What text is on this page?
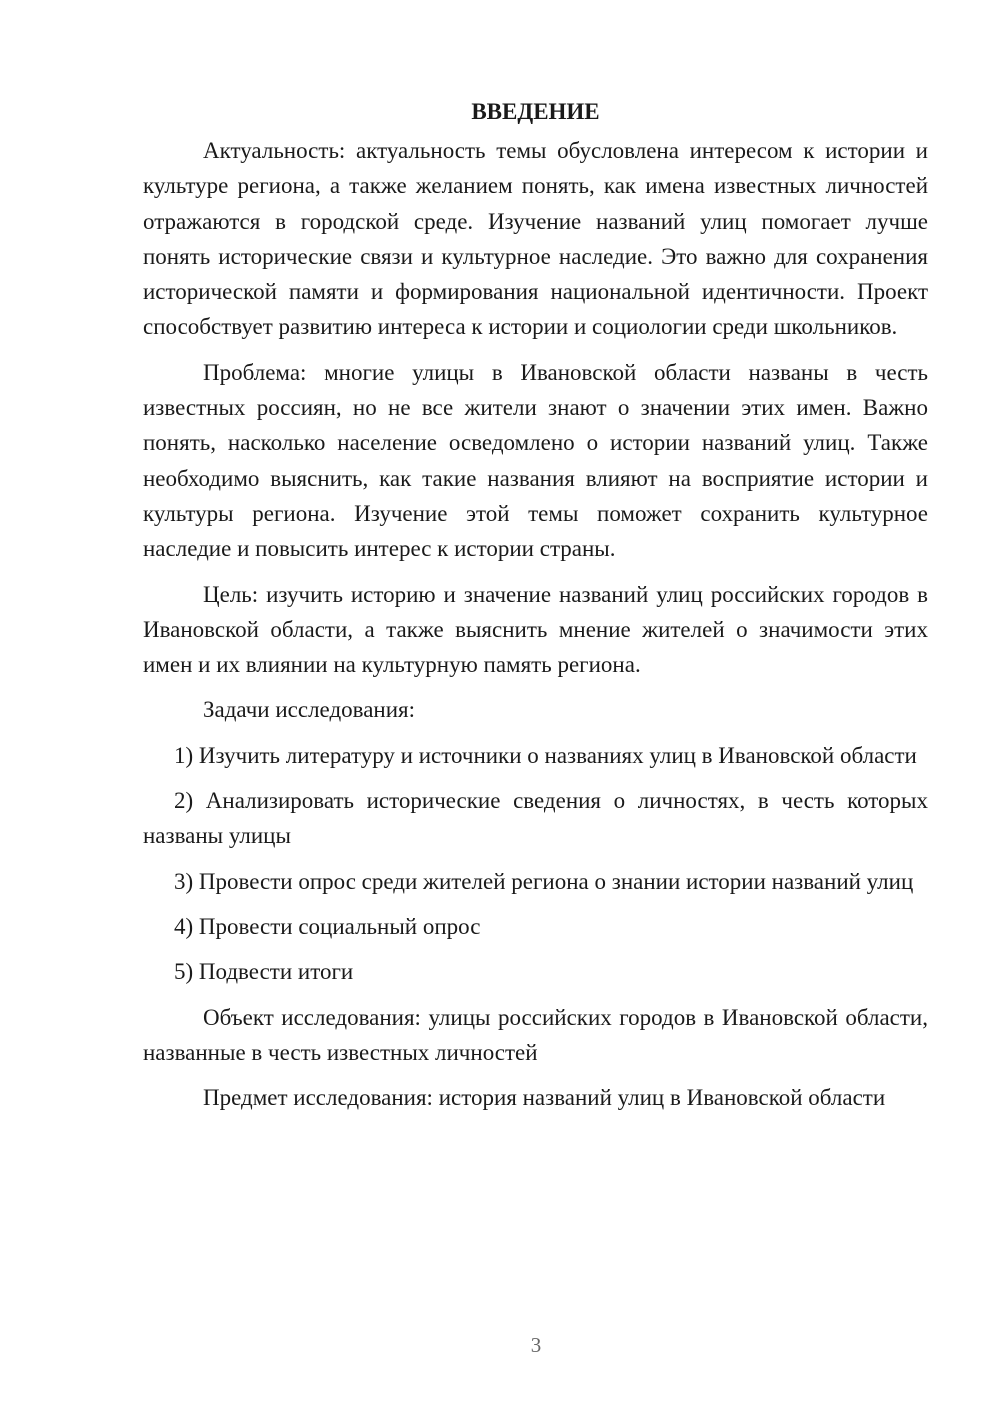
ВВЕДЕНИЕ

Актуальность: актуальность темы обусловлена интересом к истории и культуре региона, а также желанием понять, как имена известных личностей отражаются в городской среде. Изучение названий улиц помогает лучше понять исторические связи и культурное наследие. Это важно для сохранения исторической памяти и формирования национальной идентичности. Проект способствует развитию интереса к истории и социологии среди школьников.

Проблема: многие улицы в Ивановской области названы в честь известных россиян, но не все жители знают о значении этих имен. Важно понять, насколько население осведомлено о истории названий улиц. Также необходимо выяснить, как такие названия влияют на восприятие истории и культуры региона. Изучение этой темы поможет сохранить культурное наследие и повысить интерес к истории страны.

Цель: изучить историю и значение названий улиц российских городов в Ивановской области, а также выяснить мнение жителей о значимости этих имен и их влиянии на культурную память региона.

Задачи исследования:

1) Изучить литературу и источники о названиях улиц в Ивановской области

2) Анализировать исторические сведения о личностях, в честь которых названы улицы

3) Провести опрос среди жителей региона о знании истории названий улиц

4) Провести социальный опрос

5) Подвести итоги

Объект исследования: улицы российских городов в Ивановской области, названные в честь известных личностей

Предмет исследования: история названий улиц в Ивановской области

3
